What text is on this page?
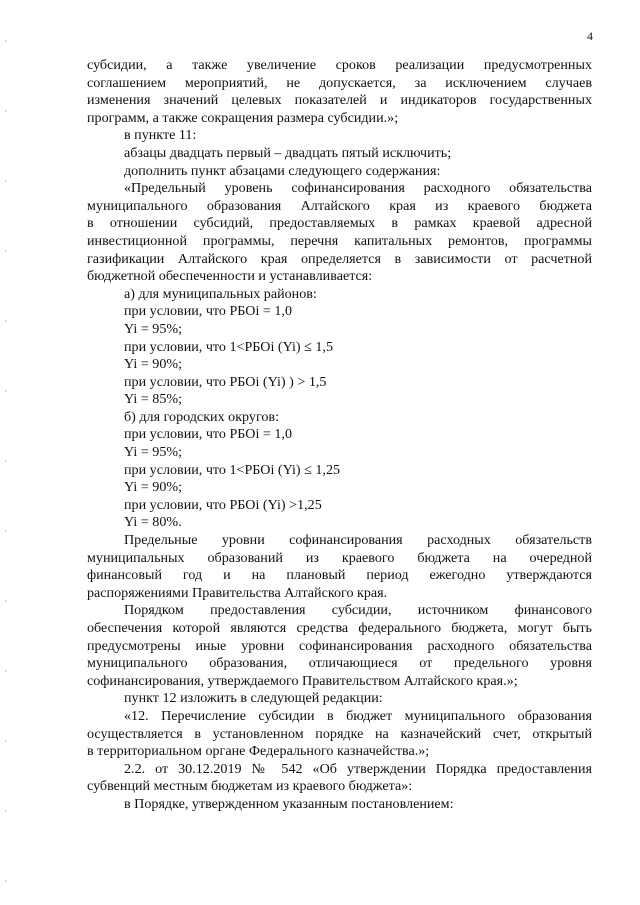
4
субсидии, а также увеличение сроков реализации предусмотренных
соглашением мероприятий, не допускается, за исключением случаев
изменения значений целевых показателей и индикаторов государственных
программ, а также сокращения размера субсидии.»;
в пункте 11:
абзацы двадцать первый – двадцать пятый исключить;
дополнить пункт абзацами следующего содержания:
«Предельный уровень софинансирования расходного обязательства
муниципального образования Алтайского края из краевого бюджета
в отношении субсидий, предоставляемых в рамках краевой адресной
инвестиционной программы, перечня капитальных ремонтов, программы
газификации Алтайского края определяется в зависимости от расчетной
бюджетной обеспеченности и устанавливается:
а) для муниципальных районов:
при условии, что РБОi = 1,0
Yi = 95%;
при условии, что 1<РБОi (Yi) ≤ 1,5
Yi = 90%;
при условии, что РБОi (Yi) ) > 1,5
Yi = 85%;
б) для городских округов:
при условии, что РБОi = 1,0
Yi = 95%;
при условии, что 1<РБОi (Yi) ≤ 1,25
Yi = 90%;
при условии, что РБОi (Yi) >1,25
Yi = 80%.
Предельные уровни софинансирования расходных обязательств
муниципальных образований из краевого бюджета на очередной
финансовый год и на плановый период ежегодно утверждаются
распоряжениями Правительства Алтайского края.
Порядком предоставления субсидии, источником финансового
обеспечения которой являются средства федерального бюджета, могут быть
предусмотрены иные уровни софинансирования расходного обязательства
муниципального образования, отличающиеся от предельного уровня
софинансирования, утверждаемого Правительством Алтайского края.»;
пункт 12 изложить в следующей редакции:
«12. Перечисление субсидии в бюджет муниципального образования
осуществляется в установленном порядке на казначейский счет, открытый
в территориальном органе Федерального казначейства.»;
2.2. от 30.12.2019 № 542 «Об утверждении Порядка предоставления
субвенций местным бюджетам из краевого бюджета»:
в Порядке, утвержденном указанным постановлением:
